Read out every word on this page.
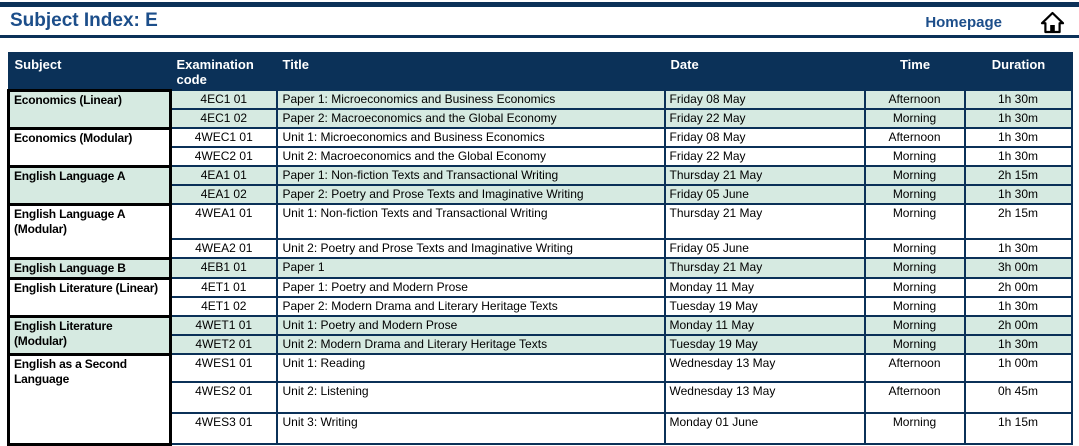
Subject Index: E	Homepage
Subject	Examination code	Title	Date	Time	Duration
Economics (Linear)	4EC1 01	Paper 1: Microeconomics and Business Economics	Friday 08 May	Afternoon	1h 30m
	4EC1 02	Paper 2: Macroeconomics and the Global Economy	Friday 22 May	Morning	1h 30m
Economics (Modular)	4WEC1 01	Unit 1: Microeconomics and Business Economics	Friday 08 May	Afternoon	1h 30m
	4WEC2 01	Unit 2: Macroeconomics and the Global Economy	Friday 22 May	Morning	1h 30m
English Language A	4EA1 01	Paper 1: Non-fiction Texts and Transactional Writing	Thursday 21 May	Morning	2h 15m
	4EA1 02	Paper 2: Poetry and Prose Texts and Imaginative Writing	Friday 05 June	Morning	1h 30m
English Language A (Modular)	4WEA1 01	Unit 1: Non-fiction Texts and Transactional Writing	Thursday 21 May	Morning	2h 15m
	4WEA2 01	Unit 2: Poetry and Prose Texts and Imaginative Writing	Friday 05 June	Morning	1h 30m
English Language B	4EB1 01	Paper 1	Thursday 21 May	Morning	3h 00m
English Literature (Linear)	4ET1 01	Paper 1: Poetry and Modern Prose	Monday 11 May	Morning	2h 00m
	4ET1 02	Paper 2: Modern Drama and Literary Heritage Texts	Tuesday 19 May	Morning	1h 30m
English Literature (Modular)	4WET1 01	Unit 1: Poetry and Modern Prose	Monday 11 May	Morning	2h 00m
	4WET2 01	Unit 2: Modern Drama and Literary Heritage Texts	Tuesday 19 May	Morning	1h 30m
English as a Second Language	4WES1 01	Unit 1: Reading	Wednesday 13 May	Afternoon	1h 00m
	4WES2 01	Unit 2: Listening	Wednesday 13 May	Afternoon	0h 45m
	4WES3 01	Unit 3: Writing	Monday 01 June	Morning	1h 15m
